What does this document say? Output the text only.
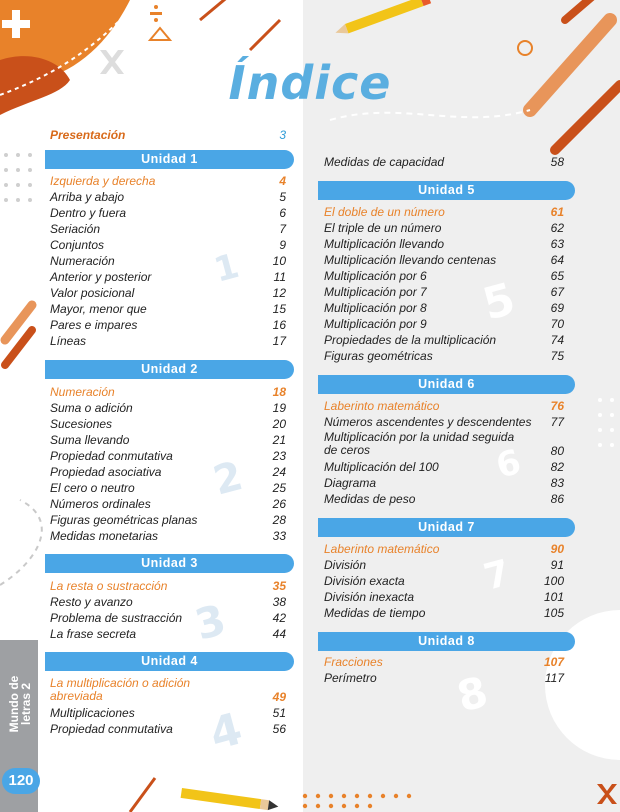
1
2
3
4
5
6
7
8
Índice
Presentación	3
Unidad 1
Izquierda y derecha	4
Arriba y abajo	5
Dentro y fuera	6
Seriación	7
Conjuntos	9
Numeración	10
Anterior y posterior	11
Valor posicional	12
Mayor, menor que	15
Pares e impares	16
Líneas	17
Unidad 2
Numeración	18
Suma o adición	19
Sucesiones	20
Suma llevando	21
Propiedad conmutativa	23
Propiedad asociativa	24
El cero o neutro	25
Números ordinales	26
Figuras geométricas planas	28
Medidas monetarias	33
Unidad 3
La resta o sustracción	35
Resto y avanzo	38
Problema de sustracción	42
La frase secreta	44
Unidad 4
La multiplicación o adición abreviada	49
Multiplicaciones	51
Propiedad conmutativa	56
Medidas de capacidad	58
Unidad 5
El doble de un número	61
El triple de un número	62
Multiplicación llevando	63
Multiplicación llevando centenas	64
Multiplicación por 6	65
Multiplicación por 7	67
Multiplicación por 8	69
Multiplicación por 9	70
Propiedades de la multiplicación	74
Figuras geométricas	75
Unidad 6
Laberinto matemático	76
Números ascendentes y descendentes 77
Multiplicación por la unidad seguida de ceros	80
Multiplicación del 100	82
Diagrama	83
Medidas de peso	86
Unidad 7
Laberinto matemático	90
División	91
División exacta	100
División inexacta	101
Medidas de tiempo	105
Unidad 8
Fracciones	107
Perímetro	117
Mundo de letras 2
120
